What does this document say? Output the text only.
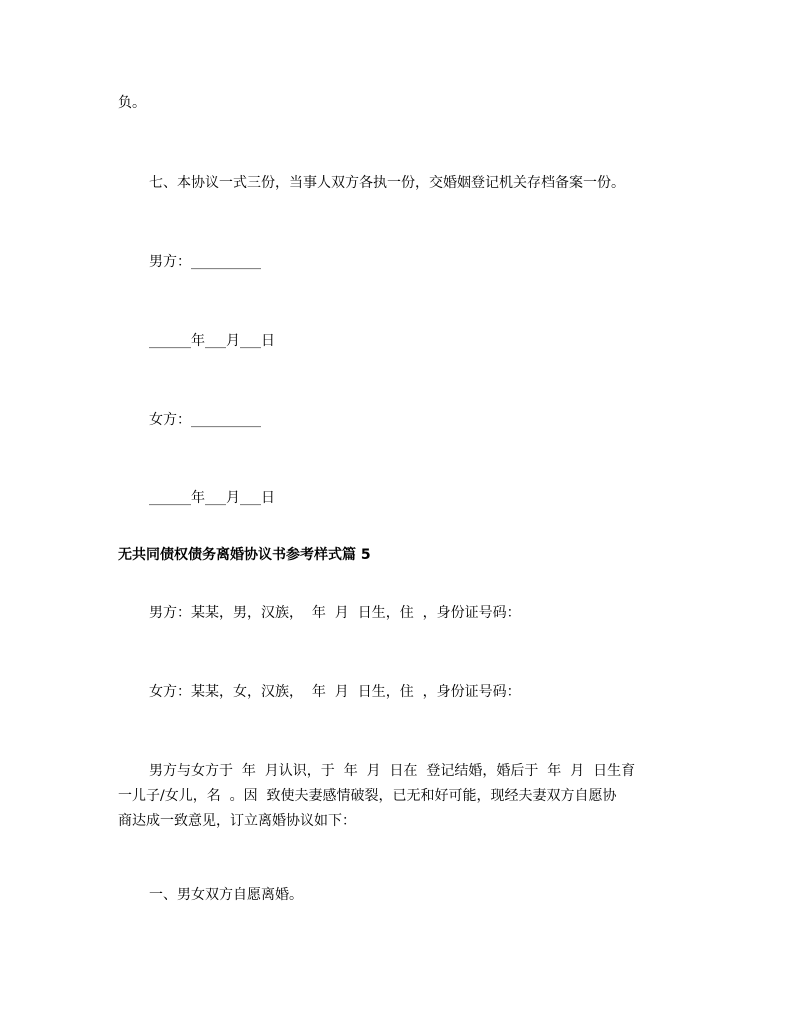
负。

七、本协议一式三份，当事人双方各执一份，交婚姻登记机关存档备案一份。

男方：__________

______年___月___日

女方：__________

______年___月___日

无共同债权债务离婚协议书参考样式篇 5

男方：某某，男，汉族，  年  月  日生，住  ，身份证号码：

女方：某某，女，汉族，  年  月  日生，住  ，身份证号码：

男方与女方于  年  月认识，于  年  月  日在  登记结婚，婚后于  年  月  日生育

一儿子/女儿，名  。因  致使夫妻感情破裂，已无和好可能，现经夫妻双方自愿协

商达成一致意见，订立离婚协议如下：

一、男女双方自愿离婚。
